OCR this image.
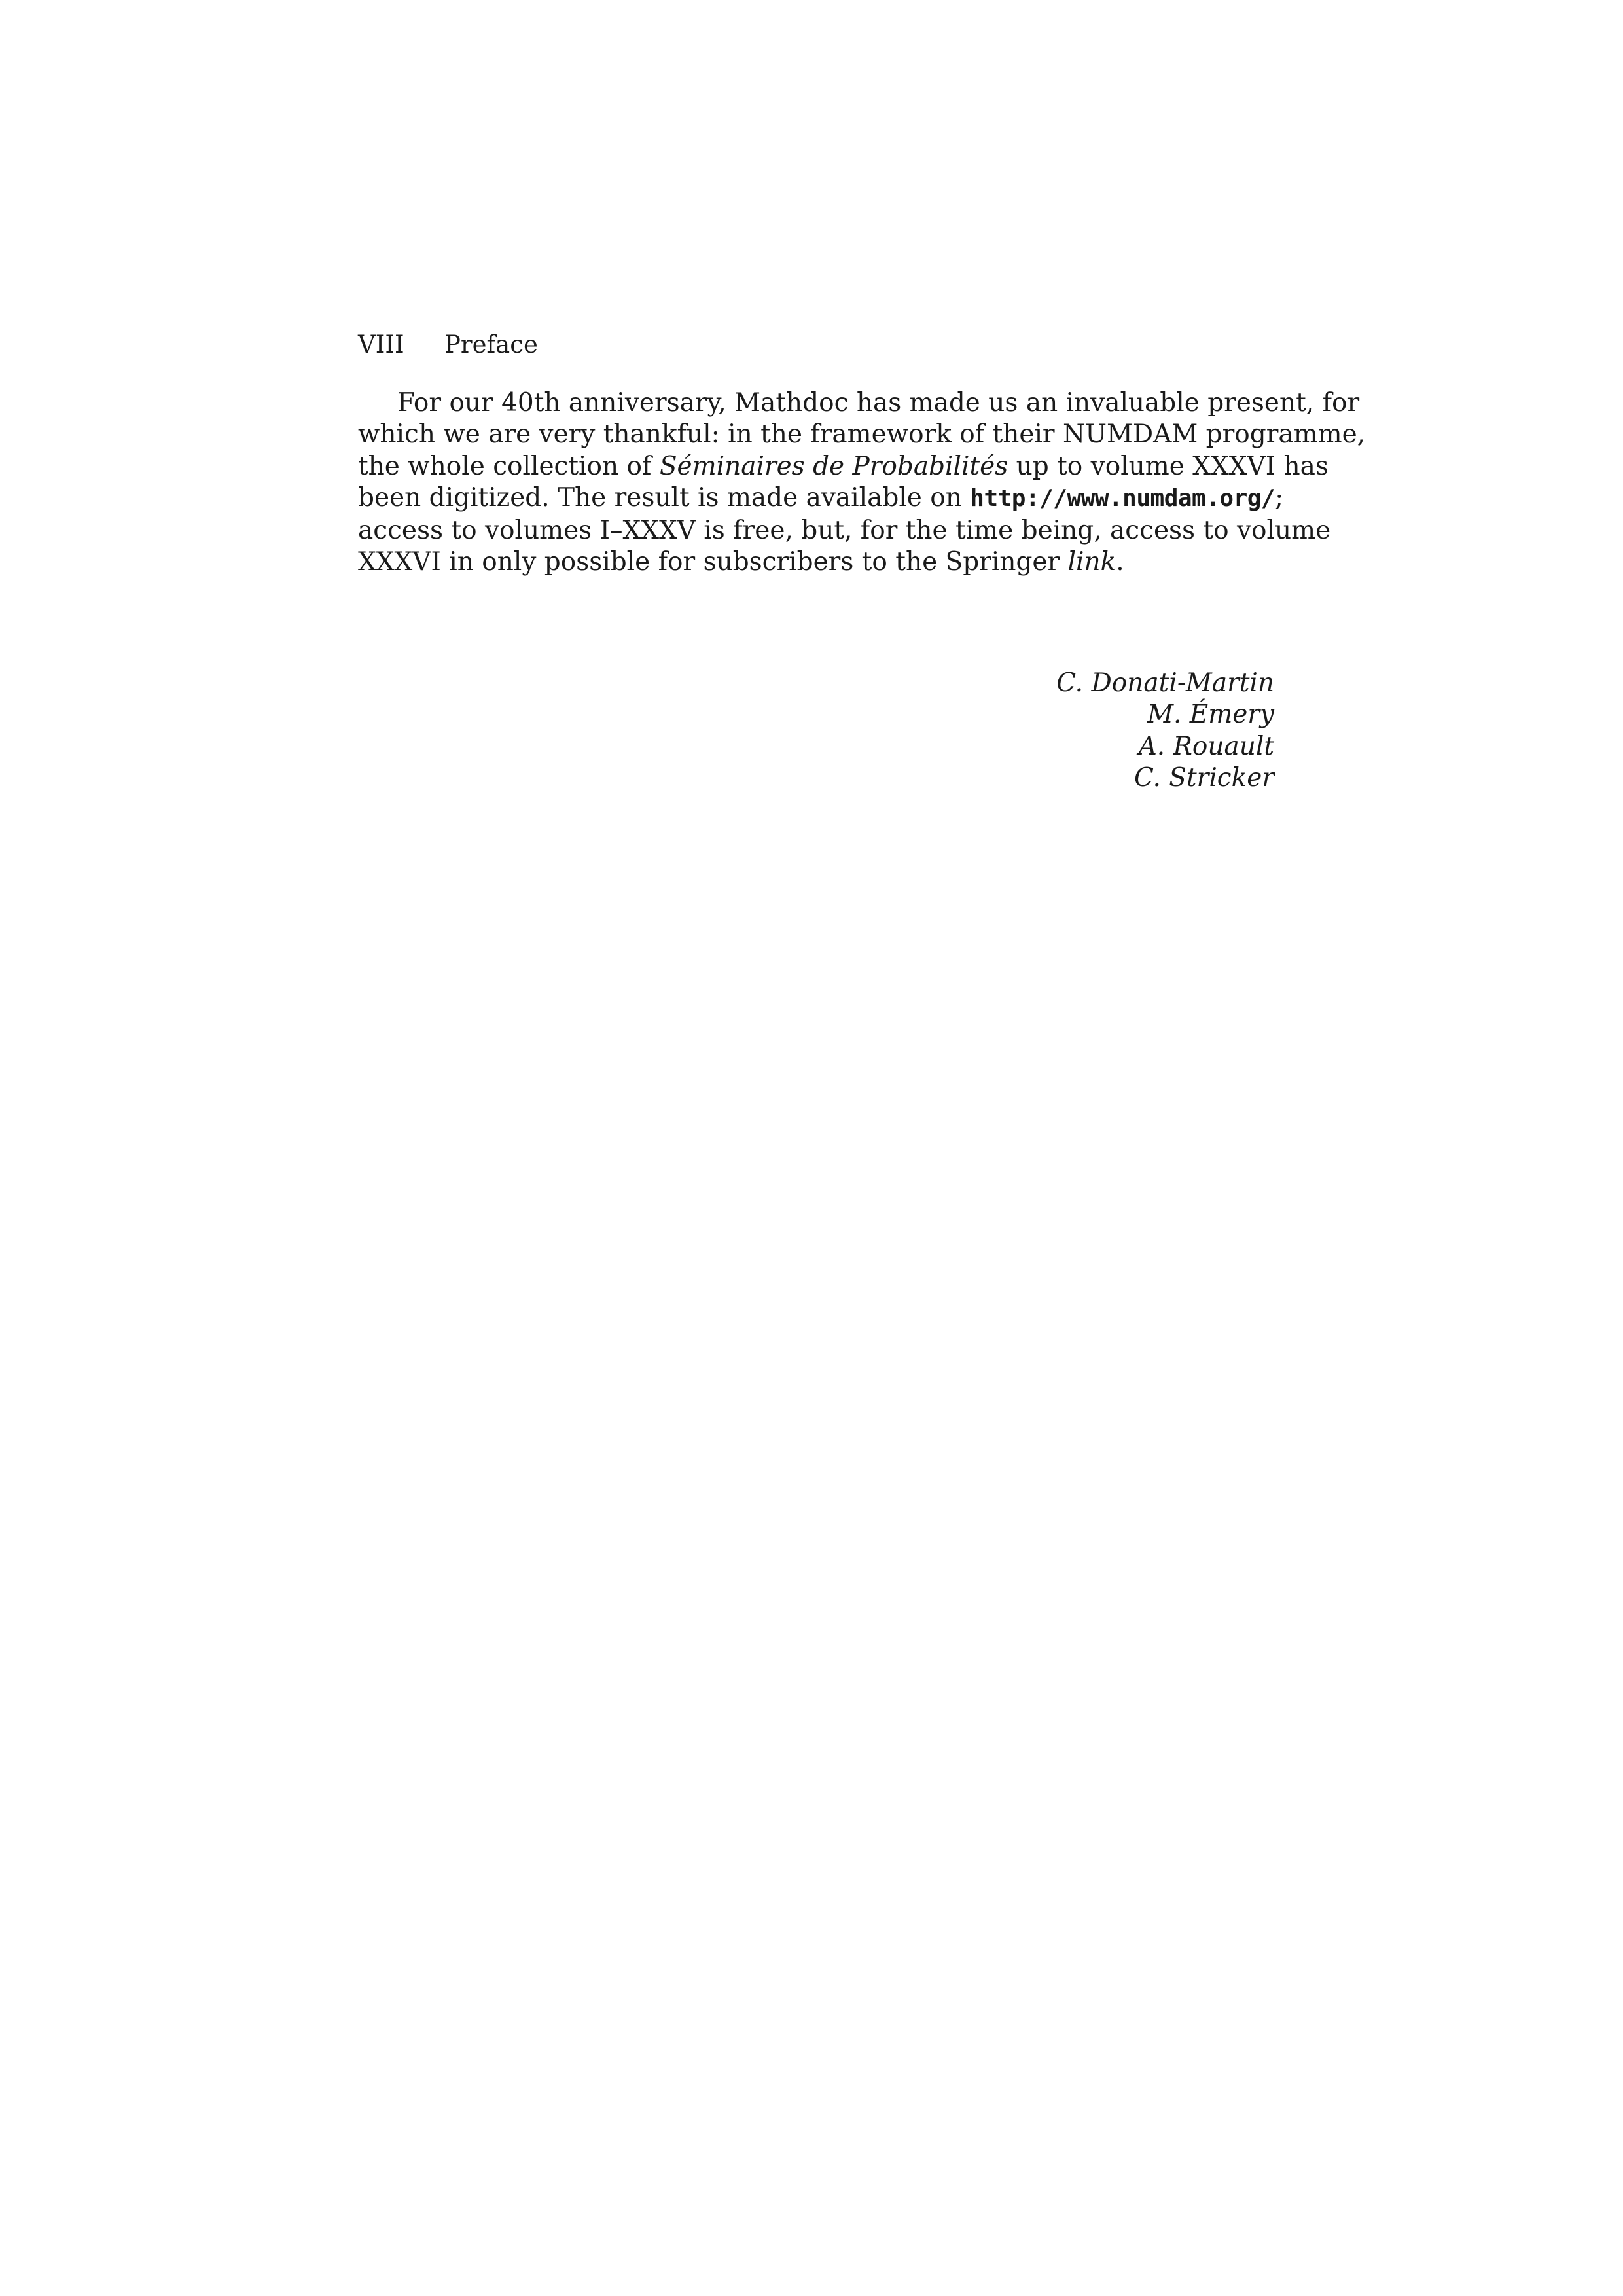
VIII Preface
For our 40th anniversary, Mathdoc has made us an invaluable present, for
which we are very thankful: in the framework of their NUMDAM programme,
the whole collection of Séminaires de Probabilités up to volume XXXVI has
been digitized. The result is made available on http://www.numdam.org/;
access to volumes I–XXXV is free, but, for the time being, access to volume
XXXVI in only possible for subscribers to the Springer link.
C. Donati-Martin
M. Émery
A. Rouault
C. Stricker
